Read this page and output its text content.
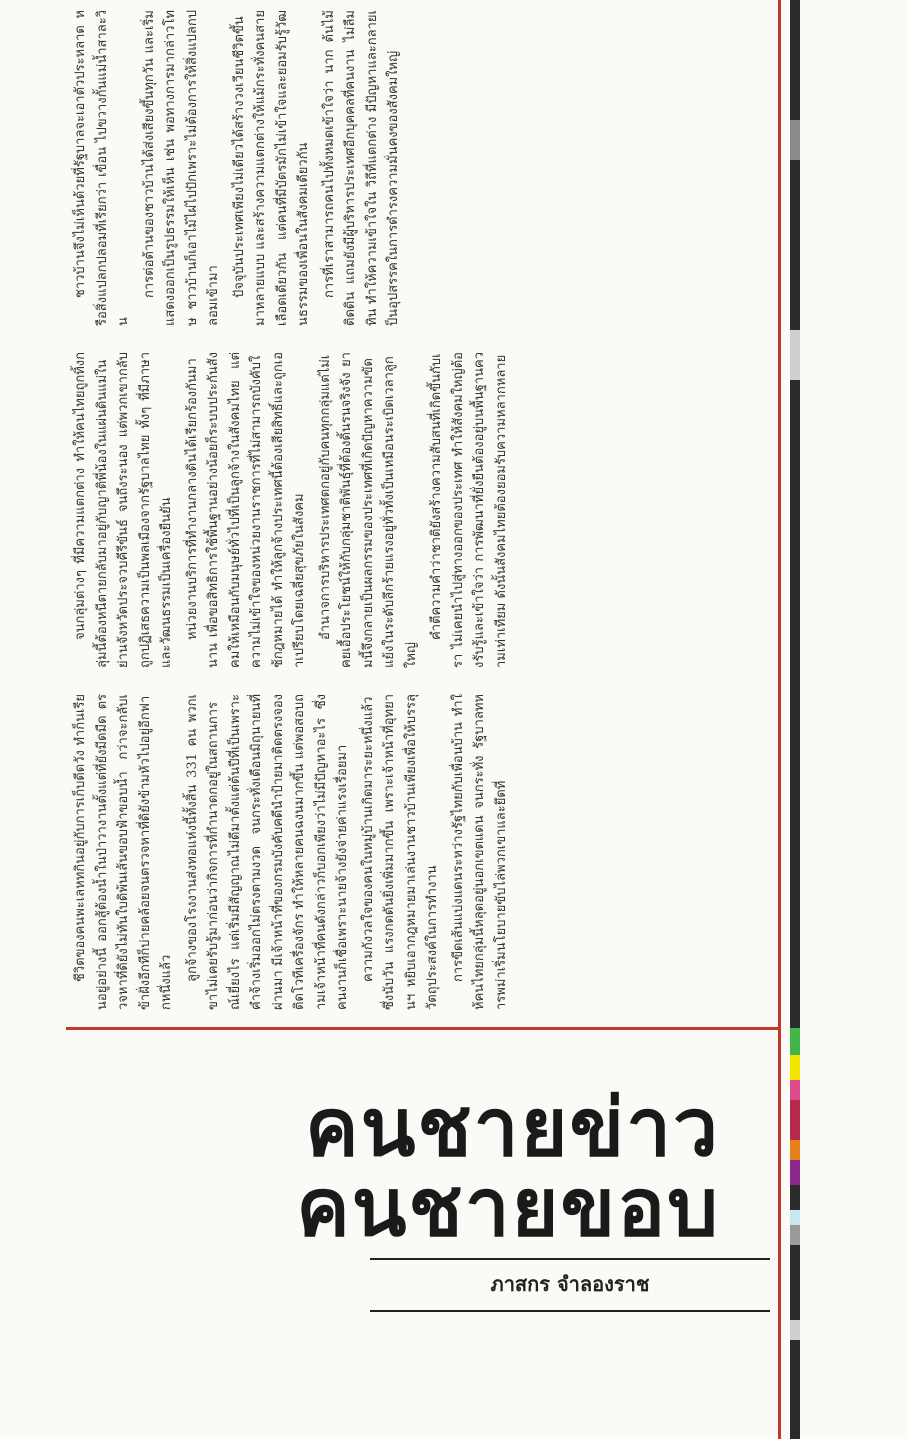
ชีวิตของคนพะเลหทกินอยู่กับการเก็บดีดวัง ทำก็นเรียนอยู่อย่างนี้ ออกสู้ต้องน้ำในป่าวางานตั้งแต่ที่ยังมีดมืด ตรวจหาที่ดิยังไม่ทันใบดิพ้นเส้นขอบฟ้าขอบน้ำ กว่าจะกลับเข้าฝั่งอีกทีก็บ่ายคล้อยจนตรวจหาที่ดิยังข้ามหัวไปอยู่อีกฟากหนึ่งแล้ว

ลูกจ้างของโรงงานส่งทอแห่งนี้ทั้งสิ้น 331 คน พวกเขาไม่เคยรับรู้มาก่อนว่ากิจการที่กำนาดกอยู่ในสถานการณ์เยี่ยงไร แต่เริ่มมีสัญญาณไม่ดีมาตั้งแต่ต้นปีที่เป็นเพราะคำจ้างเริ่มออกไม่ตรงตามงวด จนกระทั่งเดือนมิถุนายนที่ผ่านมา มีเจ้าหน้าที่ของกรมบังคับคดีนำป้ายมาติดตรงจองติดโวทีเครื่องจักร ทำให้หลายคนฉงนมากขึ้น แต่พอสอบถามเจ้าหน้าที่คนดังกล่าวก็บอกเพียงว่าไม่มีปัญหาอะไร ซึ่งคนงานก็เชื่อเพราะนายจ้างยังจ่ายค่าแรงเรื่อยมา ความกังวลใจของคนในหมู่บ้านเกิดมาระยะหนึ่งแล้ว ซึ่งนับวัน แรงกดดันยิ่งเพิ่มมากขึ้น เพราะเจ้าหน้าที่อุทยานฯ หยิบเอากฎหมายมาเล่นงานชาวบ้านเพียงเพื่อให้บรรลุวัตถุประสงค์ในการทำงาน การขีดเส้นแบ่งแดนระหว่างรัฐไทยกับเพื่อนบ้าน ทำให้คนไทยกลุ่มนี้หลุดอยู่นอกเขตแดน จนกระทั่ง รัฐบาลทหารพม่าเริ่มนโยบายขับไล่พวกเขาและยึดที่

จนกลุ่มต่างๆ ที่มีความแตกต่าง ทำให้คนไทยถูกทิ้งกลุ่มนี้ต้องหนีตายกลับมาอยู่กับญาติพี่น้องในแผ่นดินแม่ในย่านจังหวัดประจวบคีรีขันธ์ จนถึงระนอง แต่พวกเขากลับถูกปฏิเสธความเป็นพลเมืองจากรัฐบาลไทย ทั้งๆ ที่มีภาษาและวัฒนธรรมเป็นเครื่องยืนยัน หน่วยงานบริการที่ทำงานกลางดินได้เรียกร้องกันมานาน เพื่อขอสิทธิการใช้พื้นฐานอย่างน้อยก็ระบบประกันสังคมให้เหมือนกับมนุษย์ทั่วไปที่เป็นลูกจ้างในสังคมไทย แต่ความไม่เข้าใจของหน่วยงานราชการที่ไม่สามารถบังคับใช้กฎหมายได้ ทำให้ลูกจ้างประเทศนี้ต้องเสียสิทธิ์และถูกเอาเปรียบโดยเฉลี่ยสุขภัยในสังคม อำนาจการบริหารประเทศตกอยู่กับคนทุกกลุ่มแต่ไม่เคยเอื้อประโยชน์ให้กับกลุ่มชาติพันธุ์ที่ต้องดิ้นรนจริงจัง ยามนี้จึงกลายเป็นผลกรรมของประเทศที่เกิดปัญหาความขัดแย้งในระดับลึกร้ายแรงอยู่ทั่วทั้งเป็นเหมือนระเบิดเวลาลูกใหญ่

คำตีความคำว่าชาติยังสร้างความสับสนที่เกิดขึ้นกับเรา ไม่เคยนำไปสู่ทางออกของประเทศ ทำให้สังคมใหญ่ต้องรับรู้และเข้าใจว่า การพัฒนาที่ยั่งยืนต้องอยู่บนพื้นฐานความเท่าเทียม ดังนั้นสังคมไทยต้องยอมรับความหลากหลาย

ชาวบ้านจึงไม่เห็นด้วยที่รัฐบาลจะเอาตัวประหลาด หรือสิ่งแปลกปลอมที่เรียกว่า เขื่อน ไปขวางกั้นแม่น้ำสาละวิน

การต่อต้านของชาวบ้านได้ส่งเสียงขึ้นทุกวัน และเริ่มแสดงออกเป็นรูปธรรมให้เห็น เช่น พอทางการมากล่าวโทษ ชาวบ้านก็เอาไม้ไผ่ไปปักเพราะไม่ต้องการให้สิ่งแปลกปลอมเข้ามา ปัจจุบันประเทศเพียงไม่เดียวได้สร้างวงเวียนชีวิตขึ้นมาหลายแบบ และสร้างความแตกต่างให้แม้กระทั่งคนสายเลือดเดียวกัน แต่คนที่มีบัตรมักไม่เข้าใจและยอมรับรู้วัฒนธรรมของเพื่อนในสังคมเดียวกัน การที่เราสามารถคนไปทั้งหมดเข้าใจว่า นาก ต้นไม้ติดดิน แถมยังมีผู้บริหารประเทศอีกบุคคลที่คนงาน ไม่ลืมทิน ทำให้ความเข้าใจใน วิถีที่แตกต่าง มีปัญหาและกลายเป็นอุปสรรคในการดำรงความมั่นคงของสังคมใหญ่

คนชายข่าว
คนชายขอบ
ภาสกร จำลองราช
